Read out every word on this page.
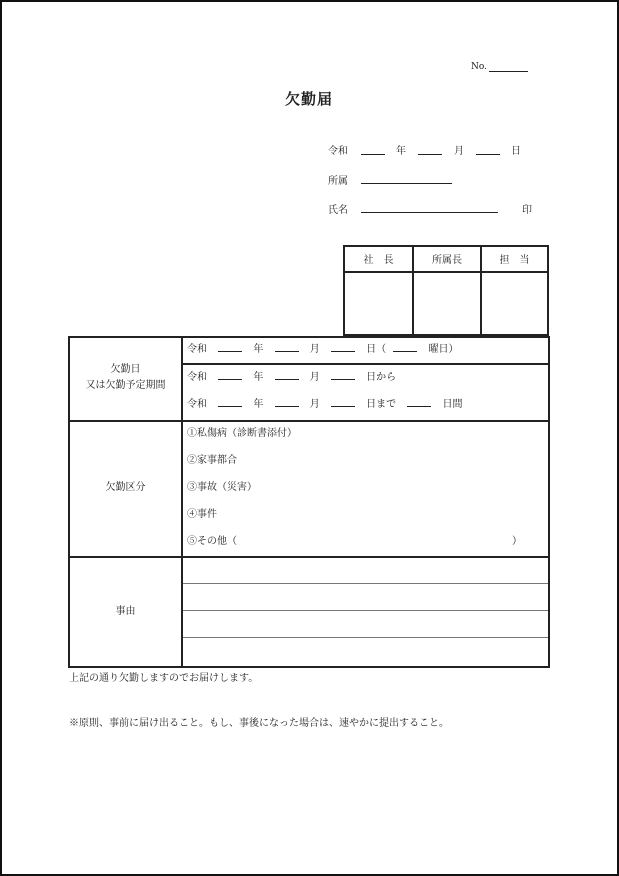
No.
欠勤届
令和	年	月	日
所属
氏名	印
社　長	所属長	担　当
欠勤日
又は欠勤予定期間
令和	年	月	日（	曜日）
令和	年	月	日から
令和	年	月	日まで	日間
欠勤区分
①私傷病（診断書添付）
②家事都合
③事故（災害）
④事件
⑤その他（	）
事由
上記の通り欠勤しますのでお届けします。
※原則、事前に届け出ること。もし、事後になった場合は、速やかに提出すること。
